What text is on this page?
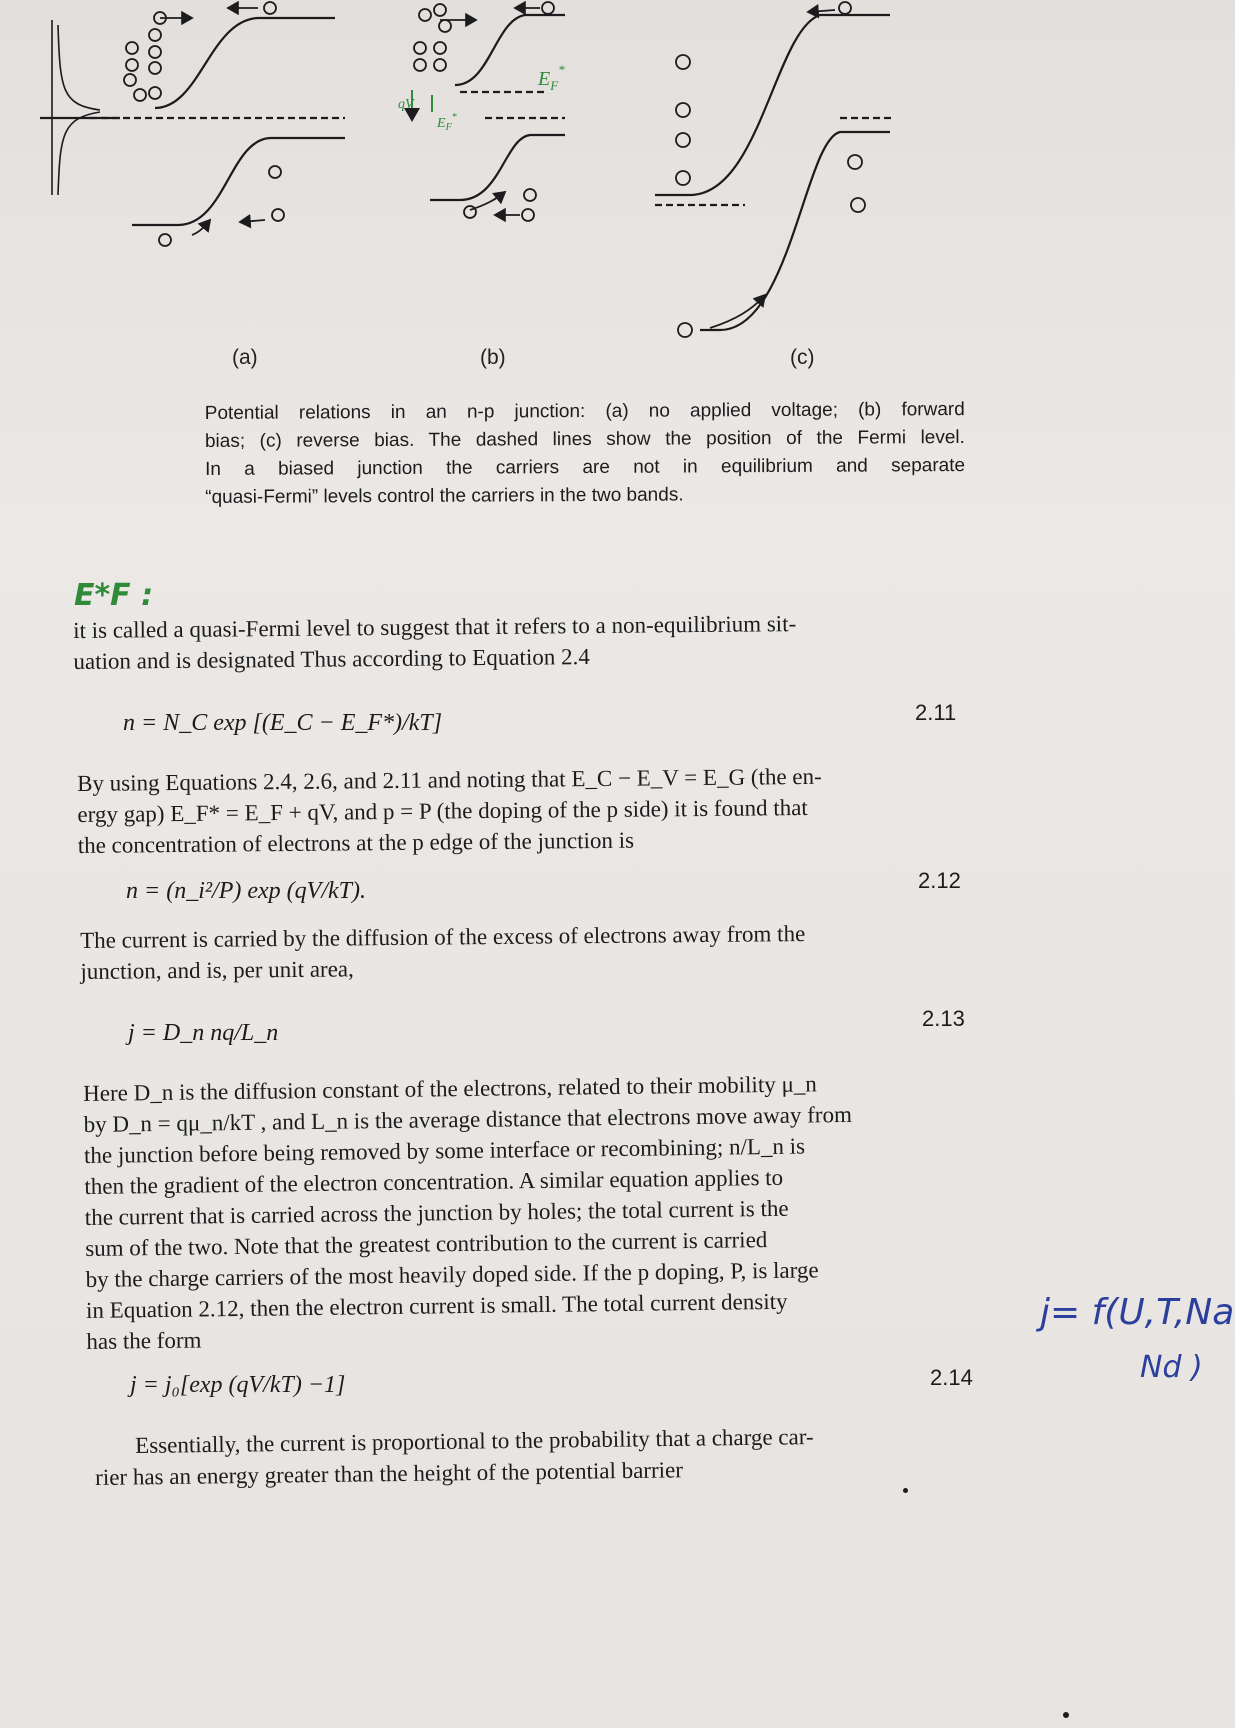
$E_F^*$
$E_F^*$
qV
(a)	(b)	(c)
Potential relations in an n-p junction: (a) no applied voltage; (b) forward
bias; (c) reverse bias. The dashed lines show the position of the Fermi level.
In a biased junction the carriers are not in equilibrium and separate
“quasi-Fermi” levels control the carriers in the two bands.
E*F :
it is called a quasi-Fermi level to suggest that it refers to a non-equilibrium sit-
uation and is designated Thus according to Equation 2.4
n = N_C exp [(E_C − E_F*)/kT]	2.11
By using Equations 2.4, 2.6, and 2.11 and noting that E_C − E_V = E_G (the en-
ergy gap) E_F* = E_F + qV, and p = P (the doping of the p side) it is found that
the concentration of electrons at the p edge of the junction is
n = (n_i²/P) exp (qV/kT).	2.12
The current is carried by the diffusion of the excess of electrons away from the
junction, and is, per unit area,
j = D_n nq/L_n
2.13
Here D_n is the diffusion constant of the electrons, related to their mobility μ_n
by D_n = qμ_n/kT , and L_n is the average distance that electrons move away from
the junction before being removed by some interface or recombining; n/L_n is
then the gradient of the electron concentration. A similar equation applies to
the current that is carried across the junction by holes; the total current is the
sum of the two. Note that the greatest contribution to the current is carried
by the charge carriers of the most heavily doped side. If the p doping, P, is large
in Equation 2.12, then the electron current is small. The total current density
has the form
j = j₀[exp (qV/kT) −1]	2.14
Essentially, the current is proportional to the probability that a charge car-
rier has an energy greater than the height of the potential barrier
j= f(U,T,Na
Nd )
